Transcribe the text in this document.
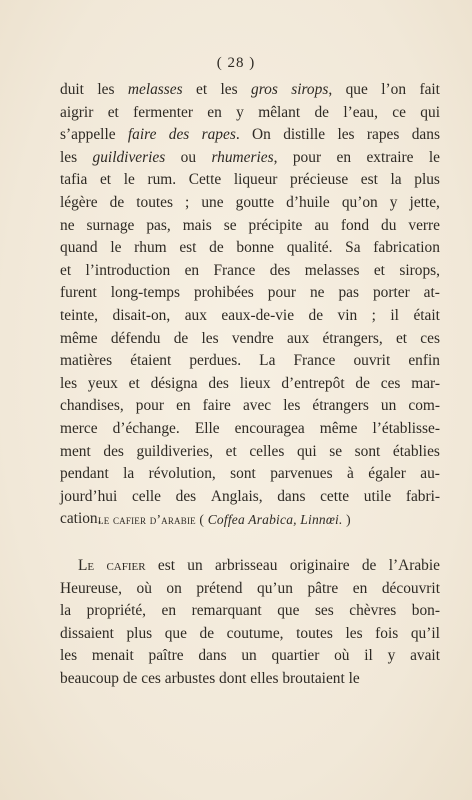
( 28 )
duit les melasses et les gros sirops, que l’on fait
aigrir et fermenter en y mêlant de l’eau, ce qui
s’appelle faire des rapes. On distille les rapes dans
les guildiveries ou rhumeries, pour en extraire le
tafia et le rum. Cette liqueur précieuse est la plus
légère de toutes ; une goutte d’huile qu’on y jette,
ne surnage pas, mais se précipite au fond du verre
quand le rhum est de bonne qualité. Sa fabrication
et l’introduction en France des melasses et sirops,
furent long-temps prohibées pour ne pas porter at-
teinte, disait-on, aux eaux-de-vie de vin ; il était
même défendu de les vendre aux étrangers, et ces
matières étaient perdues. La France ouvrit enfin
les yeux et désigna des lieux d’entrepôt de ces mar-
chandises, pour en faire avec les étrangers un com-
merce d’échange. Elle encouragea même l’établisse-
ment des guildiveries, et celles qui se sont établies
pendant la révolution, sont parvenues à égaler au-
jourd’hui celle des Anglais, dans cette utile fabri-
cation.
le cafier d’arabie ( Coffea Arabica, Linnœi. )
Le cafier est un arbrisseau originaire de l’Arabie
Heureuse, où on prétend qu’un pâtre en découvrit
la propriété, en remarquant que ses chèvres bon-
dissaient plus que de coutume, toutes les fois qu’il
les menait paître dans un quartier où il y avait
beaucoup
de
ces
arbustes
dont
elles
broutaient
le
